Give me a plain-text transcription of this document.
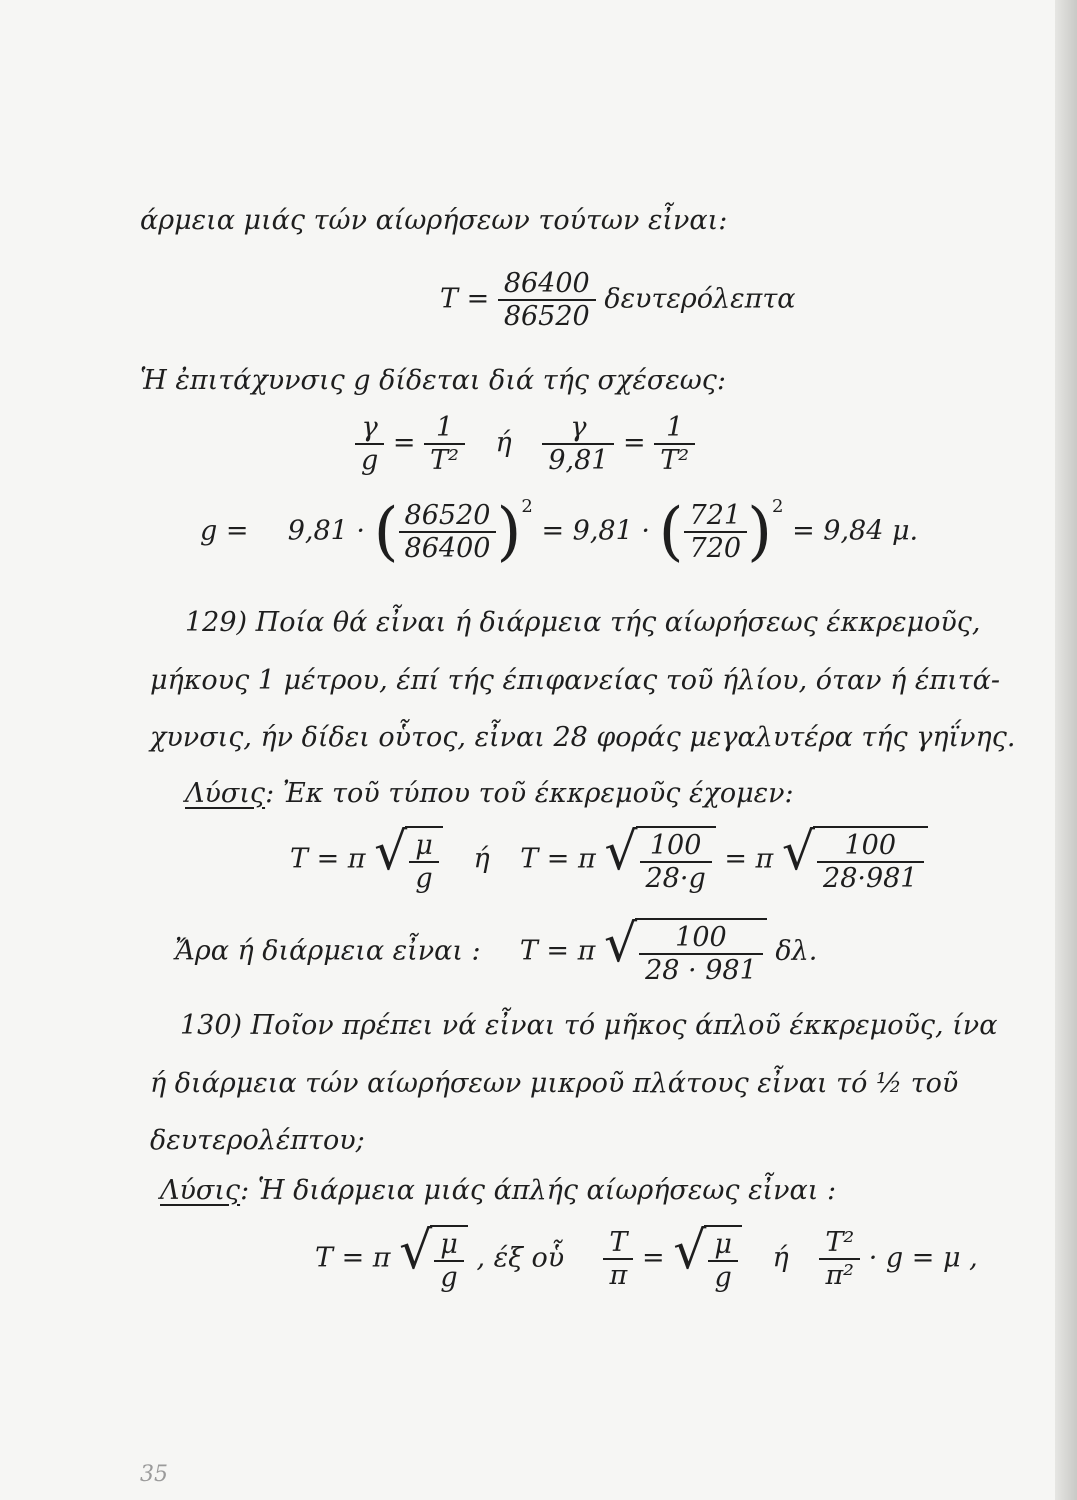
άρμεια μιάς τών αίωρήσεων τούτων εἶναι:
$T = \frac{86400}{86520}$ δευτερόλεπτα
Ἡ ἐπιτάχυνσις g δίδεται διά τής σχέσεως:
$\frac{\gamma}{g} = \frac{1}{\text{T²}}$ ή $\frac{\gamma}{9,81} = \frac{1}{\text{T²}}$
g = 9,81 · ( $\frac{86520}{86400} )^2 = 9,81$ · ( $\frac{721}{720} )^2 = 9,84$ μ.
129) Ποία θά εἶναι ή διάρμεια τής αίωρήσεως έκκρεμοῦς,
μήκους 1 μέτρου, έπί τής έπιφανείας τοῦ ήλίου, όταν ή έπιτά-
χυνσις, ήν δίδει οὗτος, εἶναι 28 φοράς μεγαλυτέρα τής γηΐνης.
Λύσις: Ἐκ τοῦ τύπου τοῦ έκκρεμοῦς έχομεν:
T = π √ $\frac{\mu}{g}$ ή T = π √ $\frac{100}{28\cdot g} = \pi$ √ $\frac{100}{28\cdot 981}$
Ἄρα ή διάρμεια εἶναι : T = π √ $\frac{100}{28 \cdot 981} \delta\lambda$.
130) Ποῖον πρέπει νά εἶναι τό μῆκος άπλοῦ έκκρεμοῦς, ίνα
ή διάρμεια τών αίωρήσεων μικροῦ πλάτους εἶναι τό ½ τοῦ
δευτερολέπτου;
Λύσις: Ἡ διάρμεια μιάς άπλής αίωρήσεως εἶναι :
T = π √ $\frac{\mu}{g}$ , έξ οὗ $\frac{T}{\pi}$ = √ $\frac{\mu}{g}$ ή $\frac{\text{T²}}{\text{π²}} \cdot g = \mu$ ,
35
